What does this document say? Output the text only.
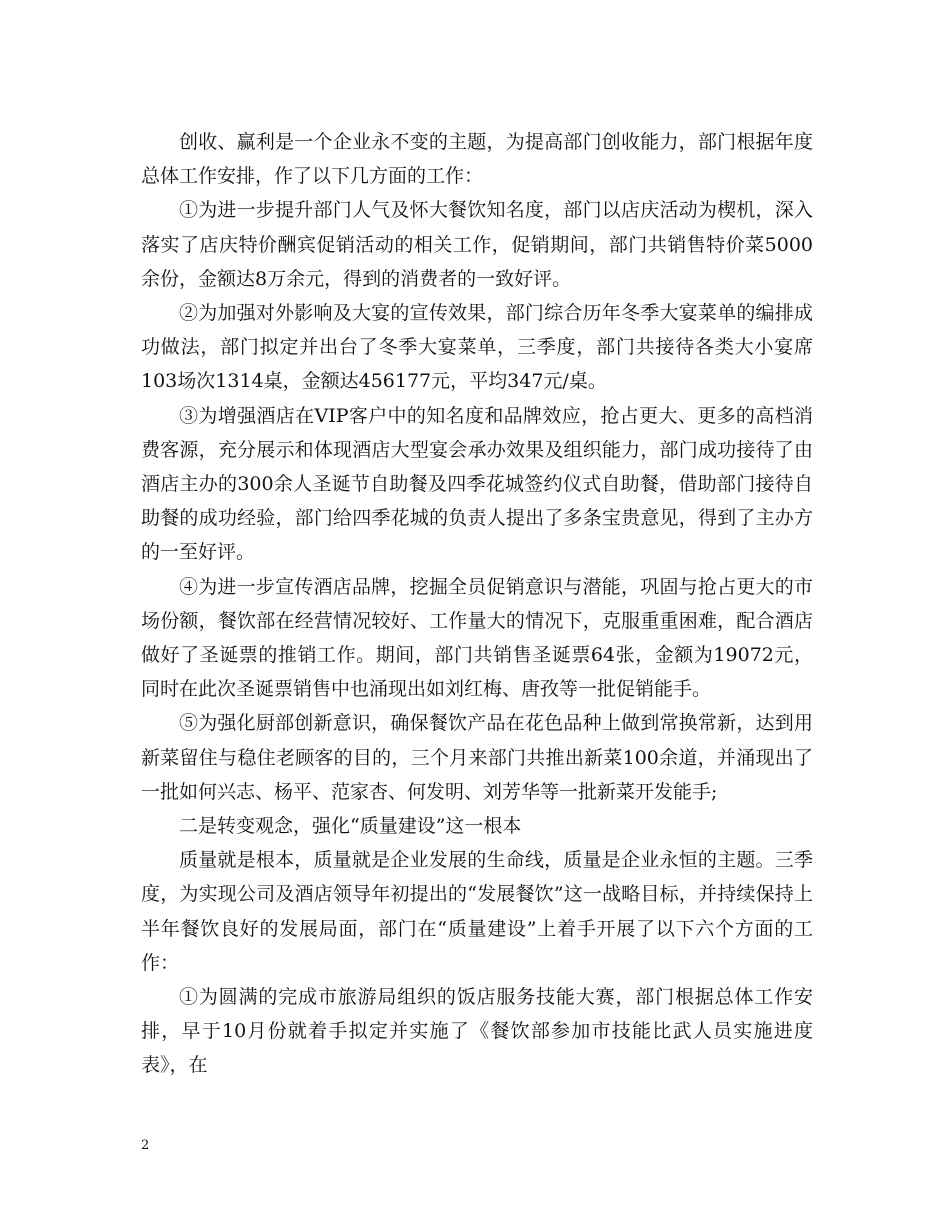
创收、赢利是一个企业永不变的主题，为提高部门创收能力，部门根据年度总体工作安排，作了以下几方面的工作：

①为进一步提升部门人气及怀大餐饮知名度，部门以店庆活动为楔机，深入落实了店庆特价酬宾促销活动的相关工作，促销期间，部门共销售特价菜5000余份，金额达8万余元，得到的消费者的一致好评。

②为加强对外影响及大宴的宣传效果，部门综合历年冬季大宴菜单的编排成功做法，部门拟定并出台了冬季大宴菜单，三季度，部门共接待各类大小宴席103场次1314桌，金额达456177元，平均347元/桌。

③为增强酒店在VIP客户中的知名度和品牌效应，抢占更大、更多的高档消费客源，充分展示和体现酒店大型宴会承办效果及组织能力，部门成功接待了由酒店主办的300余人圣诞节自助餐及四季花城签约仪式自助餐，借助部门接待自助餐的成功经验，部门给四季花城的负责人提出了多条宝贵意见，得到了主办方的一至好评。

④为进一步宣传酒店品牌，挖掘全员促销意识与潜能，巩固与抢占更大的市场份额，餐饮部在经营情况较好、工作量大的情况下，克服重重困难，配合酒店做好了圣诞票的推销工作。期间，部门共销售圣诞票64张，金额为19072元，同时在此次圣诞票销售中也涌现出如刘红梅、唐孜等一批促销能手。

⑤为强化厨部创新意识，确保餐饮产品在花色品种上做到常换常新，达到用新菜留住与稳住老顾客的目的，三个月来部门共推出新菜100余道，并涌现出了一批如何兴志、杨平、范家杏、何发明、刘芳华等一批新菜开发能手;

二是转变观念，强化“质量建设”这一根本

质量就是根本，质量就是企业发展的生命线，质量是企业永恒的主题。三季度，为实现公司及酒店领导年初提出的“发展餐饮”这一战略目标，并持续保持上半年餐饮良好的发展局面，部门在“质量建设”上着手开展了以下六个方面的工作：

①为圆满的完成市旅游局组织的饭店服务技能大赛，部门根据总体工作安排，早于10月份就着手拟定并实施了《餐饮部参加市技能比武人员实施进度表》，在

2
